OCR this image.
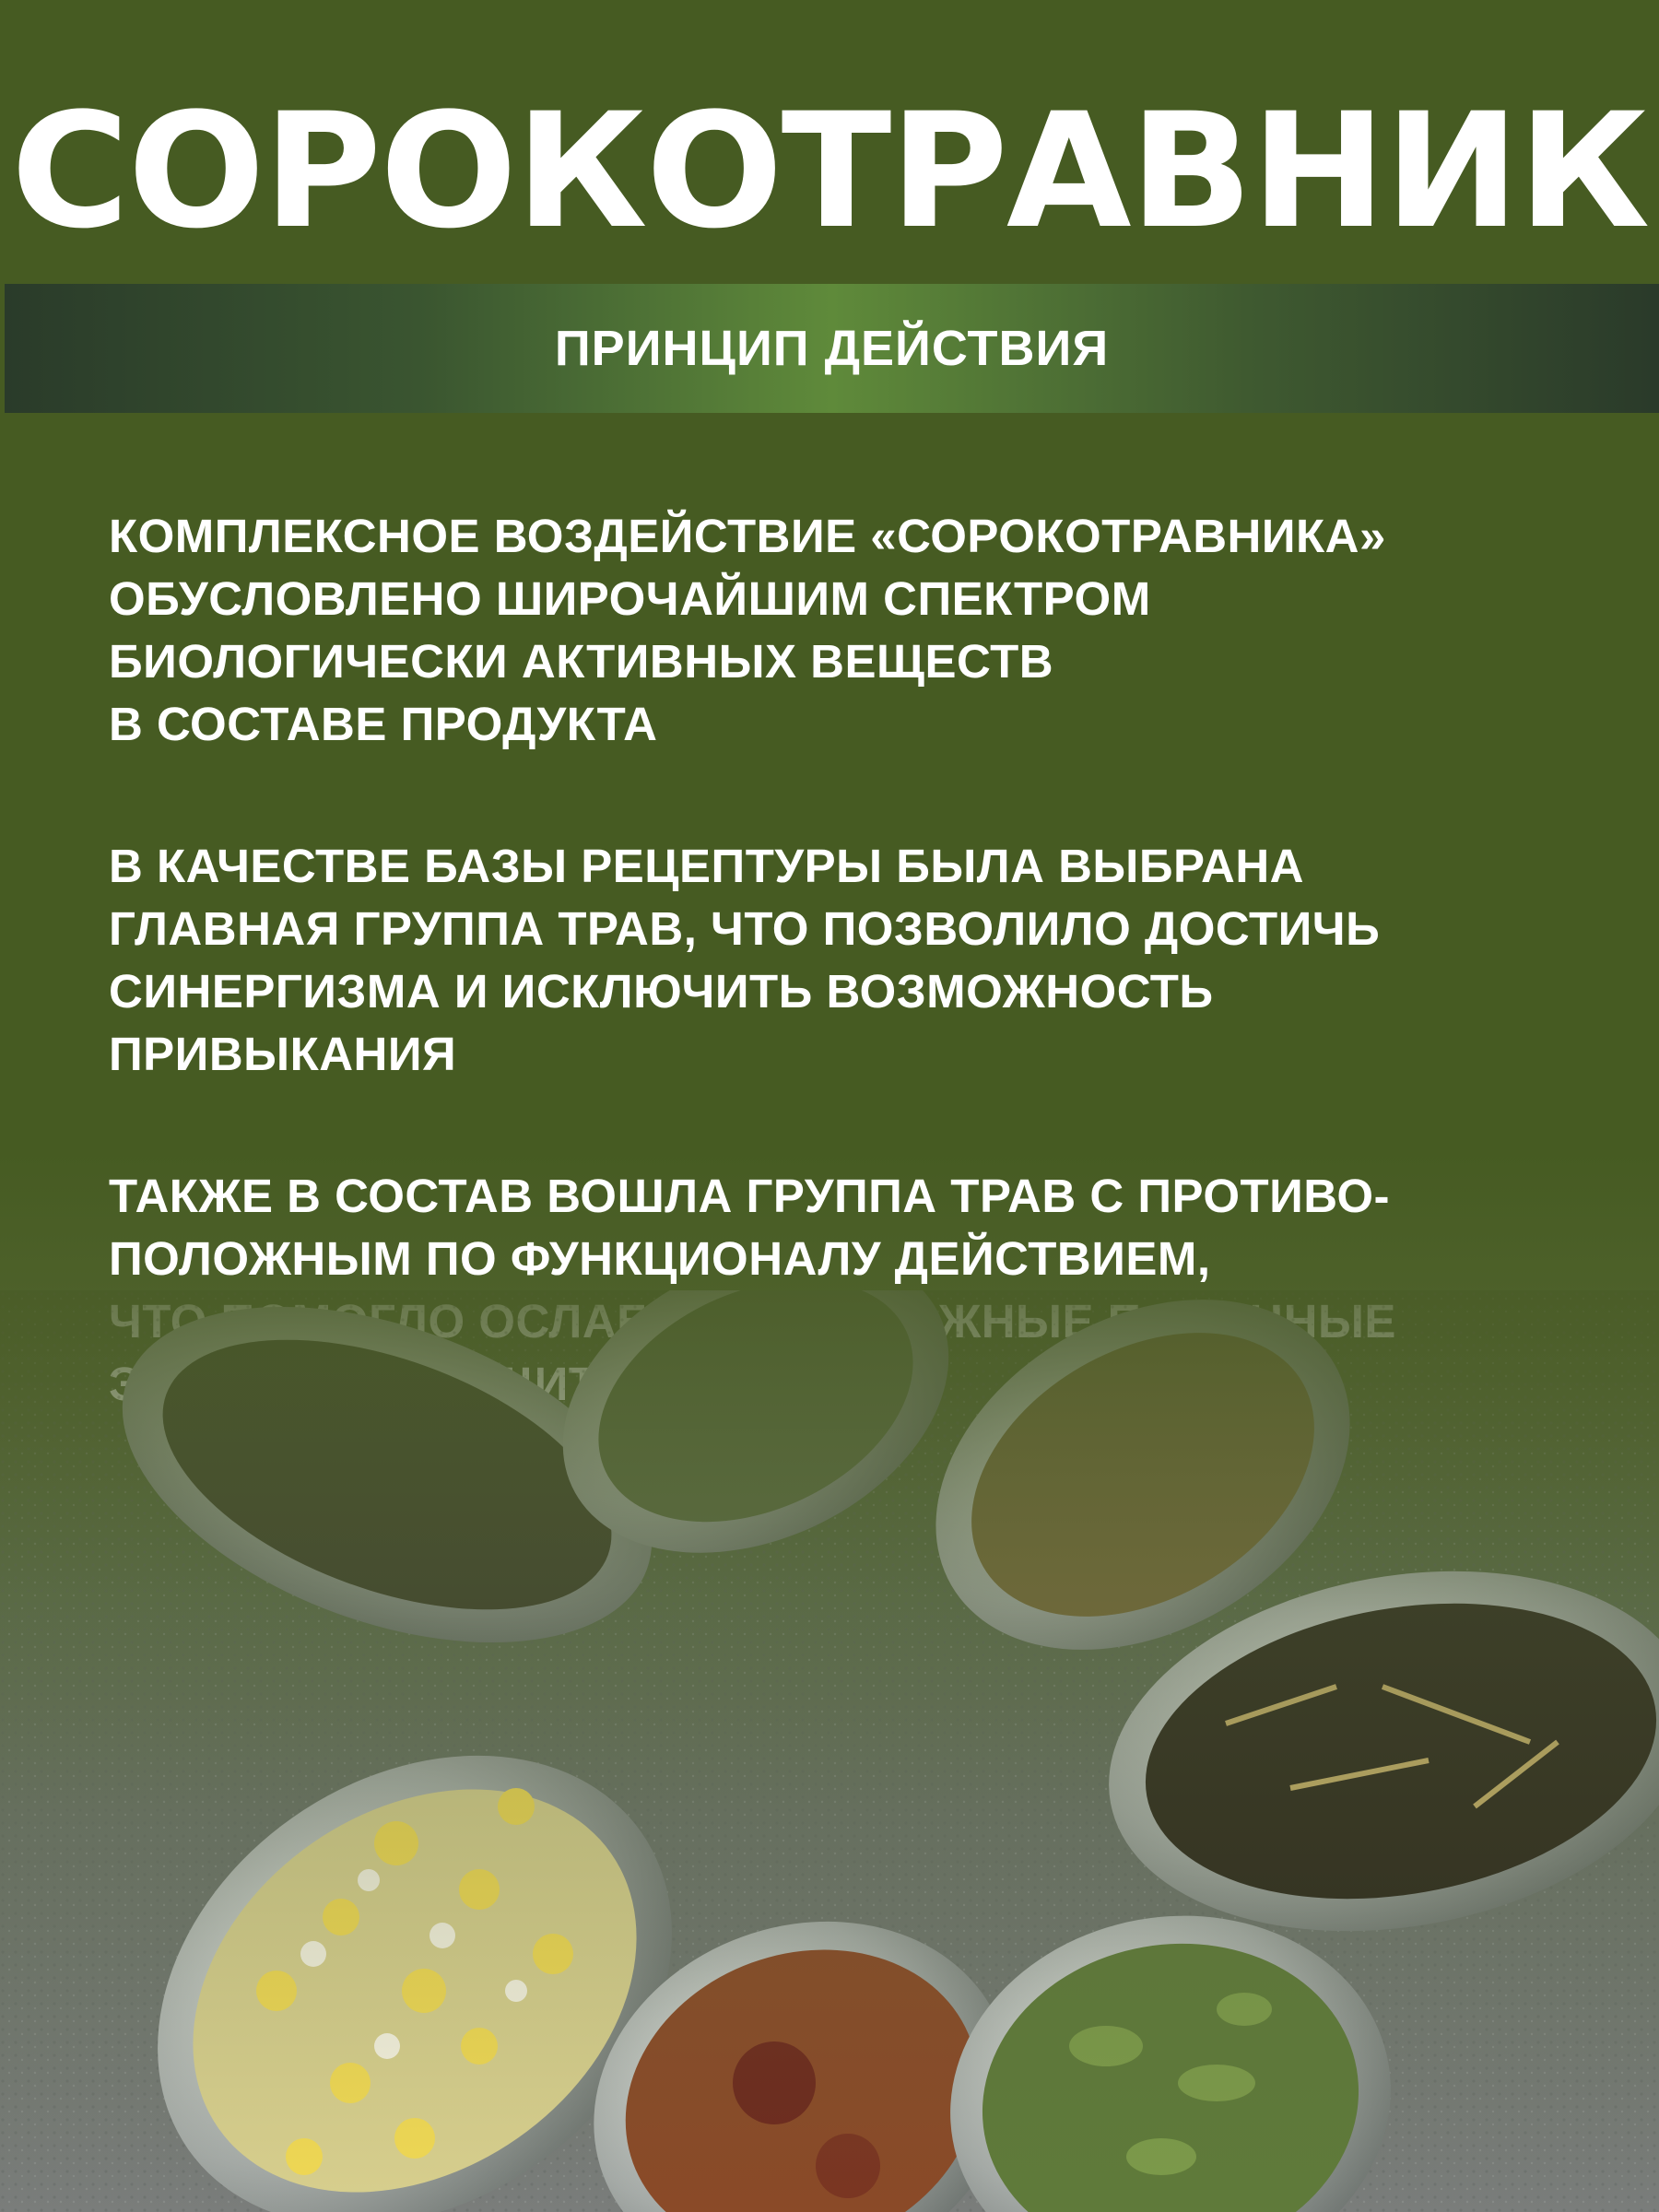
СОРОКОТРАВНИК
ПРИНЦИП ДЕЙСТВИЯ

КОМПЛЕКСНОЕ ВОЗДЕЙСТВИЕ «СОРОКОТРАВНИКА»
ОБУСЛОВЛЕНО ШИРОЧАЙШИМ СПЕКТРОМ
БИОЛОГИЧЕСКИ АКТИВНЫХ ВЕЩЕСТВ
В СОСТАВЕ ПРОДУКТА

В КАЧЕСТВЕ БАЗЫ РЕЦЕПТУРЫ БЫЛА ВЫБРАНА
ГЛАВНАЯ ГРУППА ТРАВ, ЧТО ПОЗВОЛИЛО ДОСТИЧЬ
СИНЕРГИЗМА И ИСКЛЮЧИТЬ ВОЗМОЖНОСТЬ
ПРИВЫКАНИЯ

ТАКЖЕ В СОСТАВ ВОШЛА ГРУППА ТРАВ С ПРОТИВО-
ПОЛОЖНЫМ ПО ФУНКЦИОНАЛУ ДЕЙСТВИЕМ,
